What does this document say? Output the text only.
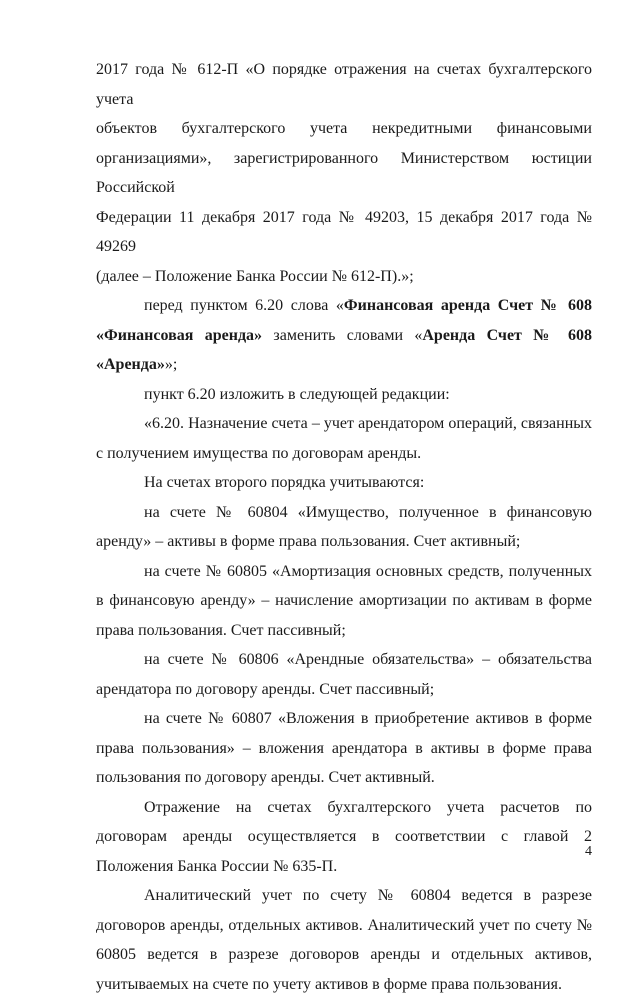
2017 года № 612-П «О порядке отражения на счетах бухгалтерского учета

объектов бухгалтерского учета некредитными финансовыми

организациями», зарегистрированного Министерством юстиции Российской

Федерации 11 декабря 2017 года № 49203, 15 декабря 2017 года № 49269

(далее – Положение Банка России № 612-П).»;

перед пунктом 6.20 слова «Финансовая аренда Счет № 608 «Финансовая аренда» заменить словами «Аренда Счет № 608 «Аренда»»;

пункт 6.20 изложить в следующей редакции:

«6.20. Назначение счета – учет арендатором операций, связанных с получением имущества по договорам аренды.

На счетах второго порядка учитываются:

на счете № 60804 «Имущество, полученное в финансовую аренду» – активы в форме права пользования. Счет активный;

на счете № 60805 «Амортизация основных средств, полученных в финансовую аренду» – начисление амортизации по активам в форме права пользования. Счет пассивный;

на счете № 60806 «Арендные обязательства» – обязательства арендатора по договору аренды. Счет пассивный;

на счете № 60807 «Вложения в приобретение активов в форме права пользования» – вложения арендатора в активы в форме права пользования по договору аренды. Счет активный.

Отражение на счетах бухгалтерского учета расчетов по договорам аренды осуществляется в соответствии с главой 2 Положения Банка России № 635-П.

Аналитический учет по счету № 60804 ведется в разрезе договоров аренды, отдельных активов. Аналитический учет по счету № 60805 ведется в разрезе договоров аренды и отдельных активов, учитываемых на счете по учету активов в форме права пользования.

4
